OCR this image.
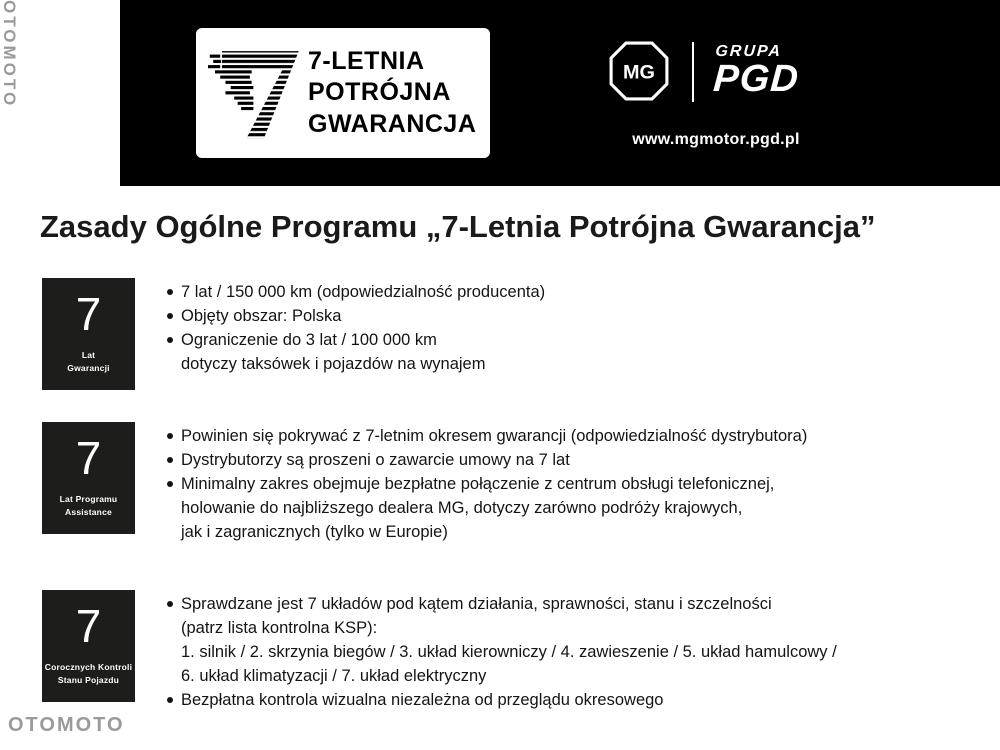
OTOMOTO
OTOMOTO
7-LETNIA
POTRÓJNA
GWARANCJA
MG
GRUPA
PGD
www.mgmotor.pgd.pl
Zasady Ogólne Programu „7-Letnia Potrójna Gwarancja”
7
Lat
Gwarancji
7 lat / 150 000 km (odpowiedzialność producenta)
Objęty obszar: Polska
Ograniczenie do 3 lat / 100 000 km
dotyczy taksówek i pojazdów na wynajem
7
Lat Programu
Assistance
Powinien się pokrywać z 7-letnim okresem gwarancji (odpowiedzialność dystrybutora)
Dystrybutorzy są proszeni o zawarcie umowy na 7 lat
Minimalny zakres obejmuje bezpłatne połączenie z centrum obsługi telefonicznej,
holowanie do najbliższego dealera MG, dotyczy zarówno podróży krajowych,
jak i zagranicznych (tylko w Europie)
7
Corocznych Kontroli
Stanu Pojazdu
Sprawdzane jest 7 układów pod kątem działania, sprawności, stanu i szczelności
(patrz lista kontrolna KSP):
1. silnik / 2. skrzynia biegów / 3. układ kierowniczy / 4. zawieszenie / 5. układ hamulcowy /
6. układ klimatyzacji / 7. układ elektryczny
Bezpłatna kontrola wizualna niezależna od przeglądu okresowego
